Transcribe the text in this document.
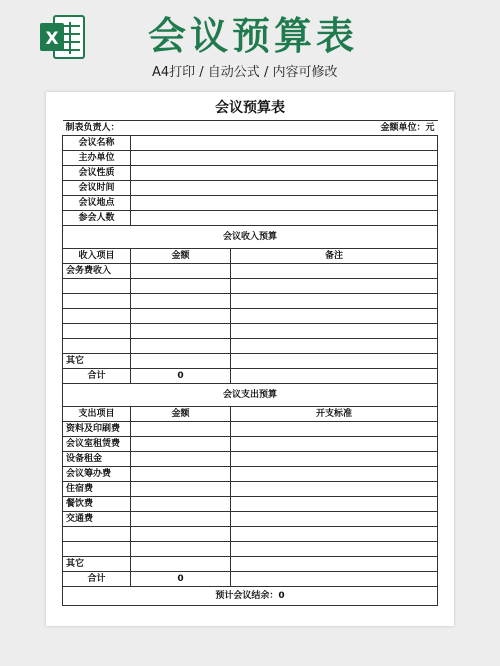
X 会议预算表
A4打印 / 自动公式 / 内容可修改
会议预算表		
制表负责人：		金额单位：元
会议名称		
主办单位		
会议性质		
会议时间		
会议地点		
参会人数		
会议收入预算		
收入项目	金额	备注
会务费收入		

其它		
合计	0	
会议支出预算		
支出项目	金额	开支标准
资料及印刷费		
会议室租赁费		
设备租金		
会议筹办费		
住宿费		
餐饮费		
交通费		

其它		
合计	0	
预计会议结余：0		
